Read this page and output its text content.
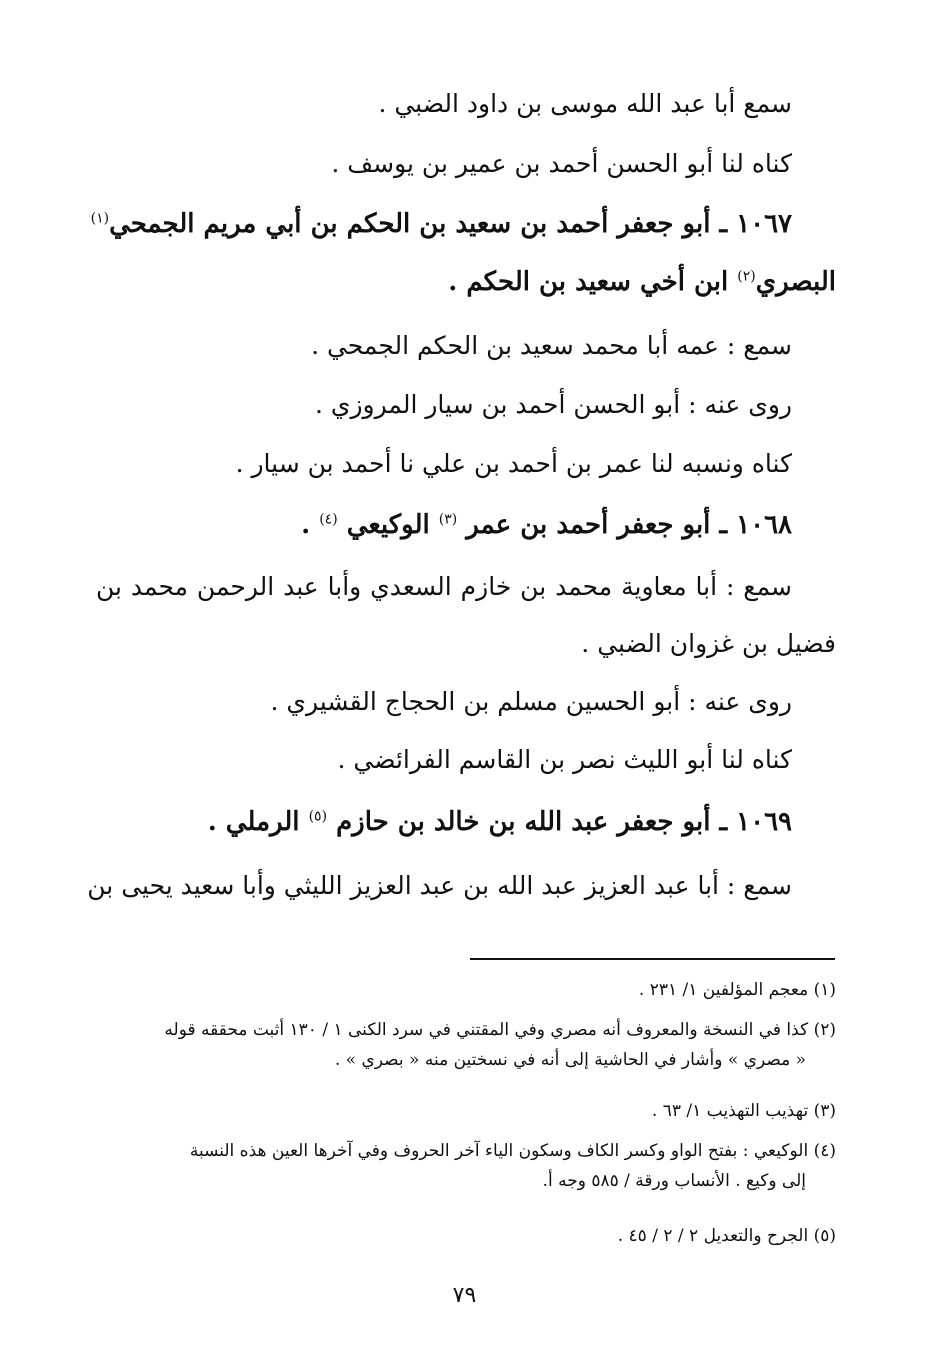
سمع أبا عبد الله موسى بن داود الضبي .
كناه لنا أبو الحسن أحمد بن عمير بن يوسف .
١٠٦٧ ـ أبو جعفر أحمد بن سعيد بن الحكم بن أبي مريم الجمحي$^{(١)}$
البصري$^{(٢)}$ ابن أخي سعيد بن الحكم .
سمع : عمه أبا محمد سعيد بن الحكم الجمحي .
روى عنه : أبو الحسن أحمد بن سيار المروزي .
كناه ونسبه لنا عمر بن أحمد بن علي نا أحمد بن سيار .
١٠٦٨ ـ أبو جعفر أحمد بن عمر $^{(٣)}$ الوكيعي $^{(٤)}$ .
سمع : أبا معاوية محمد بن خازم السعدي وأبا عبد الرحمن محمد بن
فضيل بن غزوان الضبي .
روى عنه : أبو الحسين مسلم بن الحجاج القشيري .
كناه لنا أبو الليث نصر بن القاسم الفرائضي .
١٠٦٩ ـ أبو جعفر عبد الله بن خالد بن حازم $^{(٥)}$ الرملي .
سمع : أبا عبد العزيز عبد الله بن عبد العزيز الليثي وأبا سعيد يحيى بن
(١) معجم المؤلفين ١/ ٢٣١ .
(٢) كذا في النسخة والمعروف أنه مصري وفي المقتني في سرد الكنى ١ / ١٣٠ أثبت محققه قوله
« مصري » وأشار في الحاشية إلى أنه في نسختين منه « بصري » .
(٣) تهذيب التهذيب ١/ ٦٣ .
(٤) الوكيعي : بفتح الواو وكسر الكاف وسكون الياء آخر الحروف وفي آخرها العين هذه النسبة
إلى وكيع . الأنساب ورقة / ٥٨٥ وجه أ.
(٥) الجرح والتعديل ٢ / ٢ / ٤٥ .
٧٩
